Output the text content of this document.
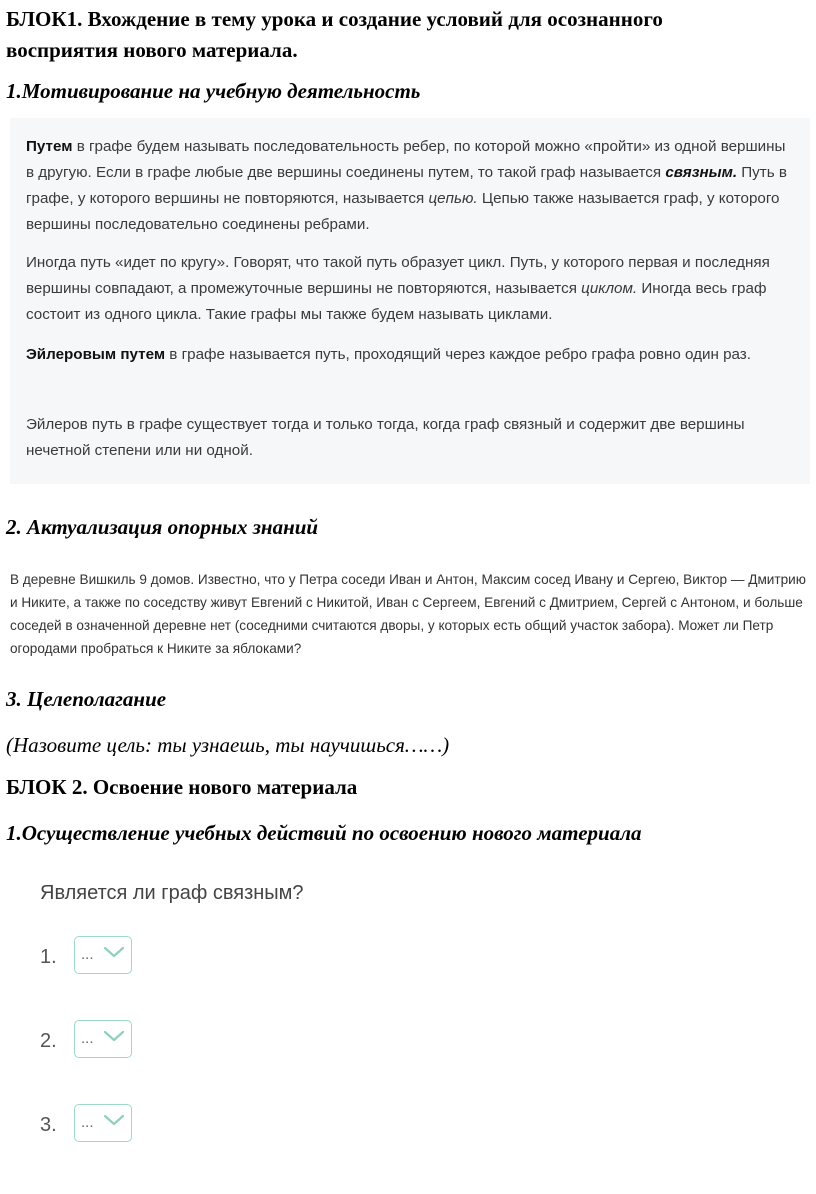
БЛОК1. Вхождение в тему урока и создание условий для осознанного
восприятия нового материала.
1.Мотивирование на учебную деятельность

Путем в графе будем называть последовательность ребер, по которой можно «пройти» из одной вершины в другую. Если в графе любые две вершины соединены путем, то такой граф называется связным. Путь в графе, у которого вершины не повторяются, называется цепью. Цепью также называется граф, у которого вершины последовательно соединены ребрами.

Иногда путь «идет по кругу». Говорят, что такой путь образует цикл. Путь, у которого первая и последняя вершины совпадают, а промежуточные вершины не повторяются, называется циклом. Иногда весь граф состоит из одного цикла. Такие графы мы также будем называть циклами.

Эйлеровым путем в графе называется путь, проходящий через каждое ребро графа ровно один раз.

Эйлеров путь в графе существует тогда и только тогда, когда граф связный и содержит две вершины нечетной степени или ни одной.

2. Актуализация опорных знаний
В деревне Вишкиль 9 домов. Известно, что у Петра соседи Иван и Антон, Максим сосед Ивану и Сергею, Виктор — Дмитрию и Никите, а также по соседству живут Евгений с Никитой, Иван с Сергеем, Евгений с Дмитрием, Сергей с Антоном, и больше соседей в означенной деревне нет (соседними считаются дворы, у которых есть общий участок забора). Может ли Петр огородами пробраться к Никите за яблоками?
3. Целеполагание
(Назовите цель: ты узнаешь, ты научишься……)
БЛОК 2. Освоение нового материала
1.Осуществление учебных действий по освоению нового материала
Является ли граф связным?
1. ...
2. ...
3. ...
